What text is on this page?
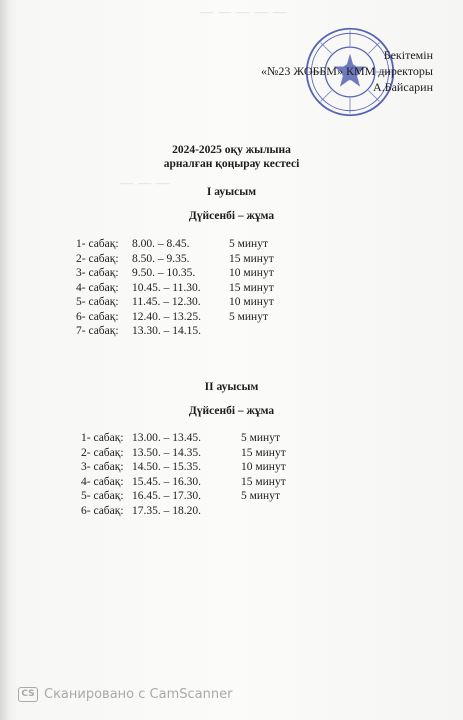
— — — — —
— — —
Бекітемін
«№23 ЖОББМ» КММ директоры
А.Байсарин
2024-2025 оқу жылына
арналған қоңырау кестесі
I ауысым
Дүйсенбі – жұма
1- сабақ: 8.00. – 8.45.	5 минут
2- сабақ: 8.50. – 9.35.	15 минут
3- сабақ: 9.50. – 10.35.	10 минут
4- сабақ: 10.45. – 11.30. 15 минут
5- сабақ: 11.45. – 12.30. 10 минут
6- сабақ: 12.40. – 13.25. 5 минут
7- сабақ: 13.30. – 14.15.
II ауысым
Дүйсенбі – жұма
1- сабақ: 13.00. – 13.45.	5 минут
2- сабақ: 13.50. – 14.35.	15 минут
3- сабақ: 14.50. – 15.35.	10 минут
4- сабақ: 15.45. – 16.30.	15 минут
5- сабақ: 16.45. – 17.30.	5 минут
6- сабақ: 17.35. – 18.20.
CS Сканировано с CamScanner
